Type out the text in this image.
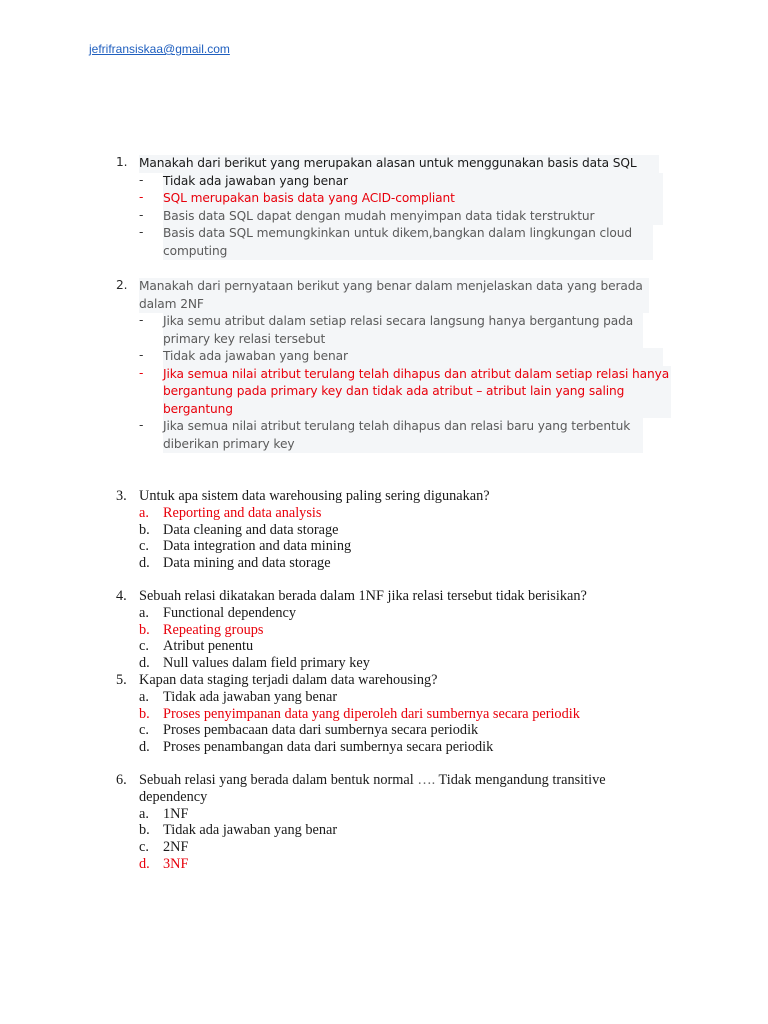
jefrifransiskaa@gmail.com
1. Manakah dari berikut yang merupakan alasan untuk menggunakan basis data SQL
- Tidak ada jawaban yang benar
- SQL merupakan basis data yang ACID-compliant
- Basis data SQL dapat dengan mudah menyimpan data tidak terstruktur
- Basis data SQL memungkinkan untuk dikem,bangkan dalam lingkungan cloud computing
2. Manakah dari pernyataan berikut yang benar dalam menjelaskan data yang berada dalam 2NF
- Jika semu atribut dalam setiap relasi secara langsung hanya bergantung pada primary key relasi tersebut
- Tidak ada jawaban yang benar
- Jika semua nilai atribut terulang telah dihapus dan atribut dalam setiap relasi hanya bergantung pada primary key dan tidak ada atribut – atribut lain yang saling bergantung
- Jika semua nilai atribut terulang telah dihapus dan relasi baru yang terbentuk diberikan primary key
3. Untuk apa sistem data warehousing paling sering digunakan?
a. Reporting and data analysis
b. Data cleaning and data storage
c. Data integration and data mining
d. Data mining and data storage
4. Sebuah relasi dikatakan berada dalam 1NF jika relasi tersebut tidak berisikan?
a. Functional dependency
b. Repeating groups
c. Atribut penentu
d. Null values dalam field primary key
5. Kapan data staging terjadi dalam data warehousing?
a. Tidak ada jawaban yang benar
b. Proses penyimpanan data yang diperoleh dari sumbernya secara periodik
c. Proses pembacaan data dari sumbernya secara periodik
d. Proses penambangan data dari sumbernya secara periodik
6. Sebuah relasi yang berada dalam bentuk normal …. Tidak mengandung transitive dependency
a. 1NF
b. Tidak ada jawaban yang benar
c. 2NF
d. 3NF
